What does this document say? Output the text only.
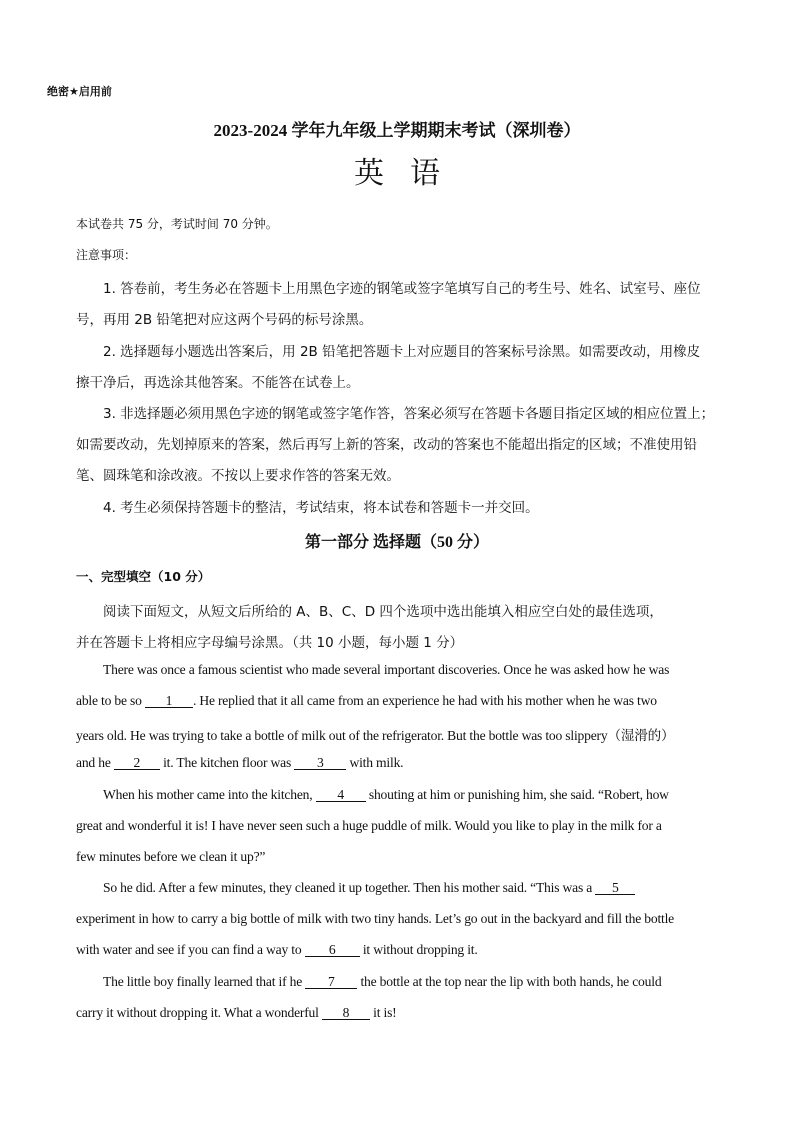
绝密★启用前
2023-2024 学年九年级上学期期末考试（深圳卷）
英语
本试卷共 75 分，考试时间 70 分钟。
注意事项：
1. 答卷前，考生务必在答题卡上用黑色字迹的钢笔或签字笔填写自己的考生号、姓名、试室号、座位
号，再用 2B 铅笔把对应这两个号码的标号涂黑。
2. 选择题每小题选出答案后，用 2B 铅笔把答题卡上对应题目的答案标号涂黑。如需要改动，用橡皮
擦干净后，再选涂其他答案。不能答在试卷上。
3. 非选择题必须用黑色字迹的钢笔或签字笔作答，答案必须写在答题卡各题目指定区域的相应位置上；
如需要改动，先划掉原来的答案，然后再写上新的答案，改动的答案也不能超出指定的区域；不准使用铅
笔、圆珠笔和涂改液。不按以上要求作答的答案无效。
4. 考生必须保持答题卡的整洁，考试结束，将本试卷和答题卡一并交回。
第一部分 选择题（50 分）
一、完型填空（10 分）
阅读下面短文，从短文后所给的 A、B、C、D 四个选项中选出能填入相应空白处的最佳选项，
并在答题卡上将相应字母编号涂黑。（共 10 小题，每小题 1 分）
There was once a famous scientist who made several important discoveries. Once he was asked how he was
able to be so 1 . He replied that it all came from an experience he had with his mother when he was two
years old. He was trying to take a bottle of milk out of the refrigerator. But the bottle was too slippery（湿滑的）
and he 2 it. The kitchen floor was 3 with milk.
When his mother came into the kitchen, 4 shouting at him or punishing him, she said. “Robert, how
great and wonderful it is! I have never seen such a huge puddle of milk. Would you like to play in the milk for a
few minutes before we clean it up?”
So he did. After a few minutes, they cleaned it up together. Then his mother said. “This was a 5
experiment in how to carry a big bottle of milk with two tiny hands. Let’s go out in the backyard and fill the bottle
with water and see if you can find a way to 6 it without dropping it.
The little boy finally learned that if he 7 the bottle at the top near the lip with both hands, he could
carry it without dropping it. What a wonderful 8 it is!
